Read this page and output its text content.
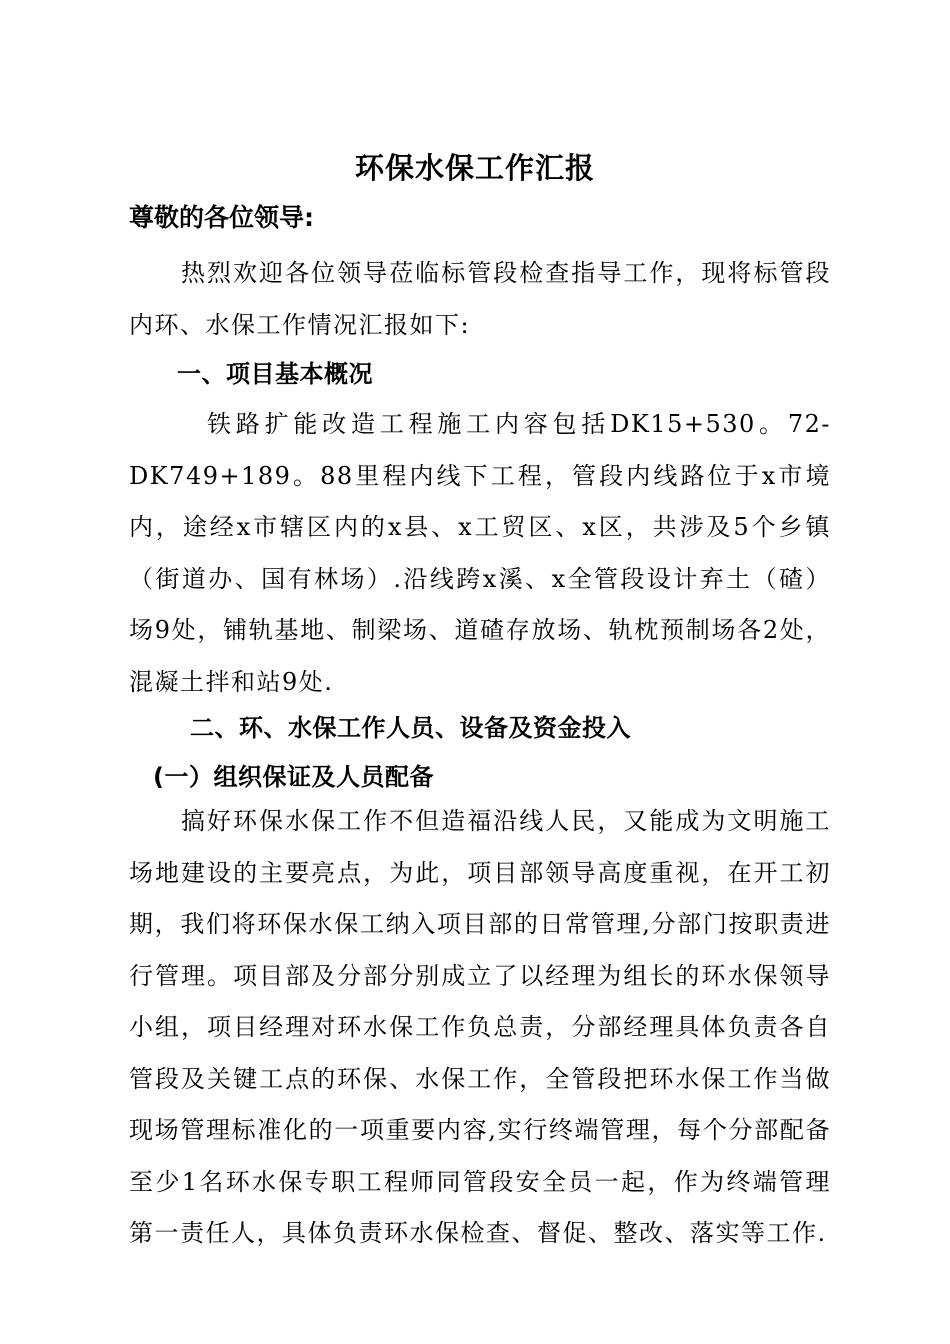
环保水保工作汇报
尊敬的各位领导:

热烈欢迎各位领导莅临标管段检查指导工作，现将标管段内环、水保工作情况汇报如下:

一、项目基本概况

铁路扩能改造工程施工内容包括DK15+530。72-DK749+189。88里程内线下工程，管段内线路位于x市境内，途经x市辖区内的x县、x工贸区、x区，共涉及5个乡镇（街道办、国有林场）.沿线跨x溪、x全管段设计弃土（碴）场9处，铺轨基地、制梁场、道碴存放场、轨枕预制场各2处，混凝土拌和站9处.

二、环、水保工作人员、设备及资金投入
(一）组织保证及人员配备

搞好环保水保工作不但造福沿线人民，又能成为文明施工场地建设的主要亮点，为此，项目部领导高度重视，在开工初期，我们将环保水保工纳入项目部的日常管理,分部门按职责进行管理。项目部及分部分别成立了以经理为组长的环水保领导小组，项目经理对环水保工作负总责，分部经理具体负责各自管段及关键工点的环保、水保工作，全管段把环水保工作当做现场管理标准化的一项重要内容,实行终端管理，每个分部配备至少1名环水保专职工程师同管段安全员一起，作为终端管理第一责任人，具体负责环水保检查、督促、整改、落实等工作.
